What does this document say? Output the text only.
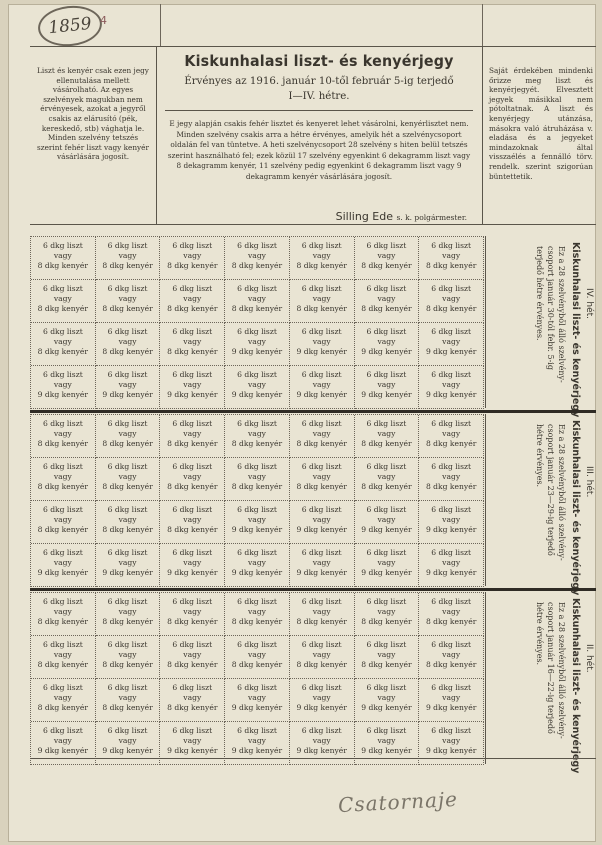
1859 4
Liszt és kenyér csak ezen jegy ellenutalása mellett vásárolható. Az egyes szelvények magukban nem érvényesek, azokat a jegyről csakis az elárusító (pék, kereskedő, stb) vághatja le. Minden szelvény tetszés szerint fehér liszt vagy kenyér vásárlására jogosít.
Kiskunhalasi liszt- és kenyérjegy
Érvényes az 1916. január 10-től február 5-ig terjedő
I—IV. hétre.
E jegy alapján csakis fehér lisztet és kenyeret lehet vásárolni, kenyérlisztet nem. Minden szelvény csakis arra a hétre érvényes, amelyik hét a szelvénycsoport oldalán fel van tüntetve. A heti szelvénycsoport 28 szelvény s hiten belül tetszés szerint használható fel; ezek közül 17 szelvény egyenkint 6 dekagramm liszt vagy 8 dekagramm kenyér, 11 szelvény pedig egyenkint 6 dekagramm liszt vagy 9 dekagramm kenyér vásárlására jogosít.
Silling Ede s. k. polgármester.
Saját érdekében mindenki őrizze meg liszt és kenyérjegyét. Elvesztett jegyek másikkal nem pótoltatnak. A liszt és kenyérjegy utánzása, másokra való átruházása v. eladása és a jegyeket mindazoknak által visszaélés a fennálló törv. rendelk. szerint szigorúan büntettetik.
6 dkg liszt
vagy
8 dkg kenyér
6 dkg liszt
vagy
8 dkg kenyér
6 dkg liszt
vagy
8 dkg kenyér
6 dkg liszt
vagy
8 dkg kenyér
6 dkg liszt
vagy
8 dkg kenyér
6 dkg liszt
vagy
8 dkg kenyér
6 dkg liszt
vagy
8 dkg kenyér
6 dkg liszt
vagy
8 dkg kenyér
6 dkg liszt
vagy
8 dkg kenyér
6 dkg liszt
vagy
8 dkg kenyér
6 dkg liszt
vagy
8 dkg kenyér
6 dkg liszt
vagy
8 dkg kenyér
6 dkg liszt
vagy
8 dkg kenyér
6 dkg liszt
vagy
8 dkg kenyér
6 dkg liszt
vagy
8 dkg kenyér
6 dkg liszt
vagy
8 dkg kenyér
6 dkg liszt
vagy
8 dkg kenyér
6 dkg liszt
vagy
9 dkg kenyér
6 dkg liszt
vagy
9 dkg kenyér
6 dkg liszt
vagy
9 dkg kenyér
6 dkg liszt
vagy
9 dkg kenyér
6 dkg liszt
vagy
9 dkg kenyér
6 dkg liszt
vagy
9 dkg kenyér
6 dkg liszt
vagy
9 dkg kenyér
6 dkg liszt
vagy
9 dkg kenyér
6 dkg liszt
vagy
9 dkg kenyér
6 dkg liszt
vagy
9 dkg kenyér
6 dkg liszt
vagy
9 dkg kenyér	Kiskunhalasi liszt- és kenyérjegy
Ez a 28 szelvényből álló szelvény-
csoport január 30-tól febr. 5-ig
terjedő hétre érvényes.	IV. hét.
6 dkg liszt
vagy
8 dkg kenyér
6 dkg liszt
vagy
8 dkg kenyér
6 dkg liszt
vagy
8 dkg kenyér
6 dkg liszt
vagy
8 dkg kenyér
6 dkg liszt
vagy
8 dkg kenyér
6 dkg liszt
vagy
8 dkg kenyér
6 dkg liszt
vagy
8 dkg kenyér
6 dkg liszt
vagy
8 dkg kenyér
6 dkg liszt
vagy
8 dkg kenyér
6 dkg liszt
vagy
8 dkg kenyér
6 dkg liszt
vagy
8 dkg kenyér
6 dkg liszt
vagy
8 dkg kenyér
6 dkg liszt
vagy
8 dkg kenyér
6 dkg liszt
vagy
8 dkg kenyér
6 dkg liszt
vagy
8 dkg kenyér
6 dkg liszt
vagy
8 dkg kenyér
6 dkg liszt
vagy
8 dkg kenyér
6 dkg liszt
vagy
9 dkg kenyér
6 dkg liszt
vagy
9 dkg kenyér
6 dkg liszt
vagy
9 dkg kenyér
6 dkg liszt
vagy
9 dkg kenyér
6 dkg liszt
vagy
9 dkg kenyér
6 dkg liszt
vagy
9 dkg kenyér
6 dkg liszt
vagy
9 dkg kenyér
6 dkg liszt
vagy
9 dkg kenyér
6 dkg liszt
vagy
9 dkg kenyér
6 dkg liszt
vagy
9 dkg kenyér
6 dkg liszt
vagy
9 dkg kenyér	Kiskunhalasi liszt- és kenyérjegy
Ez a 28 szelvényből álló szelvény-
csoport január 23—29-ig terjedő
hétre érvényes.	III. hét.
6 dkg liszt
vagy
8 dkg kenyér
6 dkg liszt
vagy
8 dkg kenyér
6 dkg liszt
vagy
8 dkg kenyér
6 dkg liszt
vagy
8 dkg kenyér
6 dkg liszt
vagy
8 dkg kenyér
6 dkg liszt
vagy
8 dkg kenyér
6 dkg liszt
vagy
8 dkg kenyér
6 dkg liszt
vagy
8 dkg kenyér
6 dkg liszt
vagy
8 dkg kenyér
6 dkg liszt
vagy
8 dkg kenyér
6 dkg liszt
vagy
8 dkg kenyér
6 dkg liszt
vagy
8 dkg kenyér
6 dkg liszt
vagy
8 dkg kenyér
6 dkg liszt
vagy
8 dkg kenyér
6 dkg liszt
vagy
8 dkg kenyér
6 dkg liszt
vagy
8 dkg kenyér
6 dkg liszt
vagy
8 dkg kenyér
6 dkg liszt
vagy
9 dkg kenyér
6 dkg liszt
vagy
9 dkg kenyér
6 dkg liszt
vagy
9 dkg kenyér
6 dkg liszt
vagy
9 dkg kenyér
6 dkg liszt
vagy
9 dkg kenyér
6 dkg liszt
vagy
9 dkg kenyér
6 dkg liszt
vagy
9 dkg kenyér
6 dkg liszt
vagy
9 dkg kenyér
6 dkg liszt
vagy
9 dkg kenyér
6 dkg liszt
vagy
9 dkg kenyér
6 dkg liszt
vagy
9 dkg kenyér	Kiskunhalasi liszt- és kenyérjegy
Ez a 28 szelvényből álló szelvény-
csoport január 16—22-ig terjedő
hétre érvényes.	II. hét.
Csatornaje
